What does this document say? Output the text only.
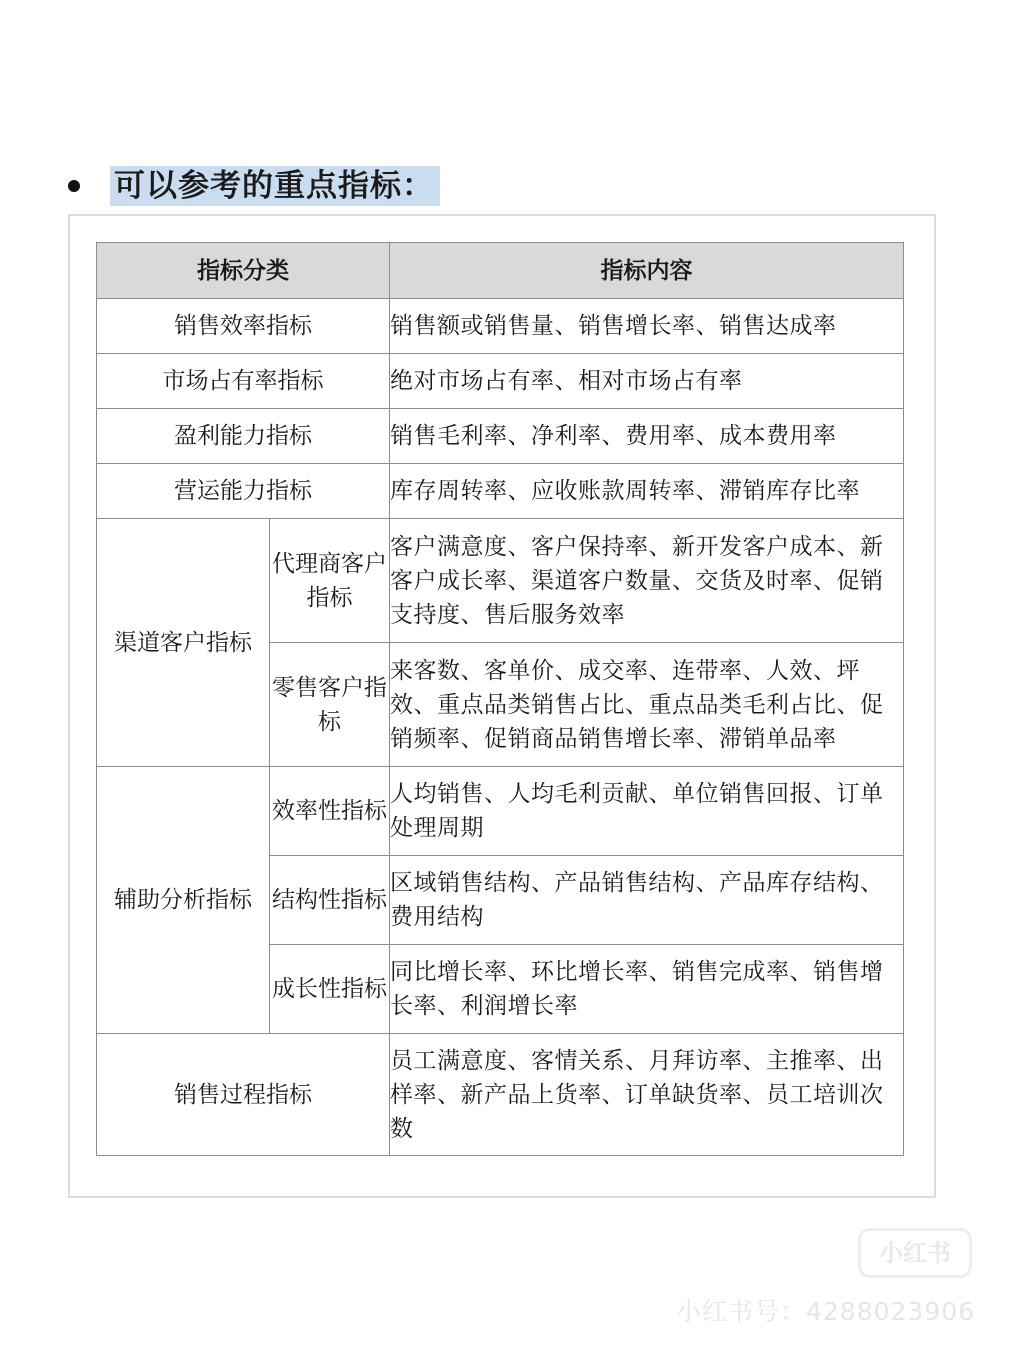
可以参考的重点指标：
指标分类		指标内容
销售效率指标		销售额或销售量、销售增长率、销售达成率
市场占有率指标		绝对市场占有率、相对市场占有率
盈利能力指标		销售毛利率、净利率、费用率、成本费用率
营运能力指标		库存周转率、应收账款周转率、滞销库存比率
渠道客户指标	代理商客户指标	客户满意度、客户保持率、新开发客户成本、新客户成长率、渠道客户数量、交货及时率、促销支持度、售后服务效率
	零售客户指标	来客数、客单价、成交率、连带率、人效、坪效、重点品类销售占比、重点品类毛利占比、促销频率、促销商品销售增长率、滞销单品率
辅助分析指标	效率性指标	人均销售、人均毛利贡献、单位销售回报、订单处理周期
	结构性指标	区域销售结构、产品销售结构、产品库存结构、费用结构
	成长性指标	同比增长率、环比增长率、销售完成率、销售增长率、利润增长率
销售过程指标		员工满意度、客情关系、月拜访率、主推率、出样率、新产品上货率、订单缺货率、员工培训次数
小红书
小红书号：4288023906
